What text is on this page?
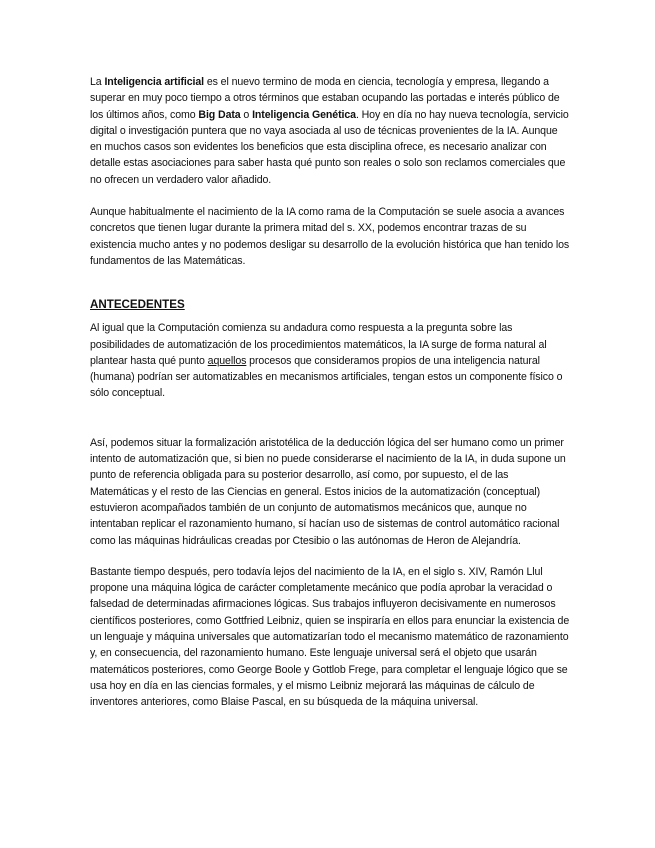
La Inteligencia artificial es el nuevo termino de moda en ciencia, tecnología y empresa, llegando a superar en muy poco tiempo a otros términos que estaban ocupando las portadas e interés público de los últimos años, como Big Data o Inteligencia Genética. Hoy en día no hay nueva tecnología, servicio digital o investigación puntera que no vaya asociada al uso de técnicas provenientes de la IA. Aunque en muchos casos son evidentes los beneficios que esta disciplina ofrece, es necesario analizar con detalle estas asociaciones para saber hasta qué punto son reales o solo son reclamos comerciales que no ofrecen un verdadero valor añadido.

Aunque habitualmente el nacimiento de la IA como rama de la Computación se suele asocia a avances concretos que tienen lugar durante la primera mitad del s. XX, podemos encontrar trazas de su existencia mucho antes y no podemos desligar su desarrollo de la evolución histórica que han tenido los fundamentos de las Matemáticas.

ANTECEDENTES

Al igual que la Computación comienza su andadura como respuesta a la pregunta sobre las posibilidades de automatización de los procedimientos matemáticos, la IA surge de forma natural al plantear hasta qué punto aquellos procesos que consideramos propios de una inteligencia natural (humana) podrían ser automatizables en mecanismos artificiales, tengan estos un componente físico o sólo conceptual.

Así, podemos situar la formalización aristotélica de la deducción lógica del ser humano como un primer intento de automatización que, si bien no puede considerarse el nacimiento de la IA, in duda supone un punto de referencia obligada para su posterior desarrollo, así como, por supuesto, el de las Matemáticas y el resto de las Ciencias en general. Estos inicios de la automatización (conceptual) estuvieron acompañados también de un conjunto de automatismos mecánicos que, aunque no intentaban replicar el razonamiento humano, sí hacían uso de sistemas de control automático racional como las máquinas hidráulicas creadas por Ctesibio o las autónomas de Heron de Alejandría.

Bastante tiempo después, pero todavía lejos del nacimiento de la IA, en el siglo s. XIV, Ramón Llul propone una máquina lógica de carácter completamente mecánico que podía aprobar la veracidad o falsedad de determinadas afirmaciones lógicas. Sus trabajos influyeron decisivamente en numerosos científicos posteriores, como Gottfried Leibniz, quien se inspiraría en ellos para enunciar la existencia de un lenguaje y máquina universales que automatizarían todo el mecanismo matemático de razonamiento y, en consecuencia, del razonamiento humano. Este lenguaje universal será el objeto que usarán matemáticos posteriores, como George Boole y Gottlob Frege, para completar el lenguaje lógico que se usa hoy en día en las ciencias formales, y el mismo Leibniz mejorará las máquinas de cálculo de inventores anteriores, como Blaise Pascal, en su búsqueda de la máquina universal.
